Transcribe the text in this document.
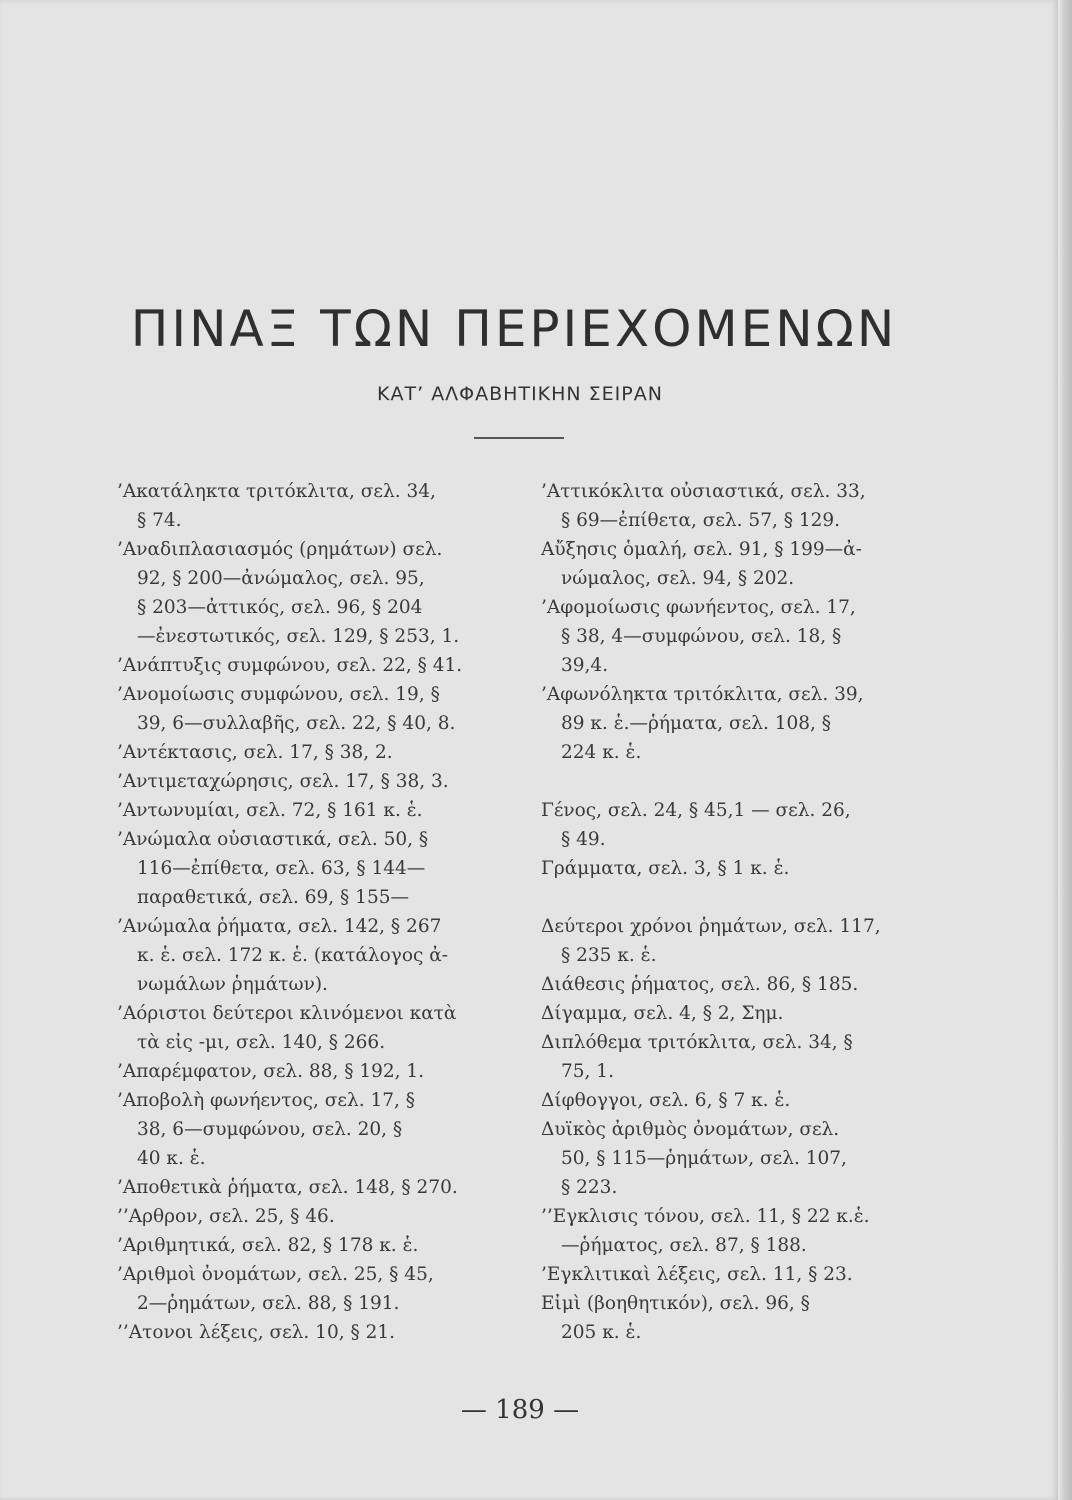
ΠΙΝΑΞ ΤΩΝ ΠΕΡΙΕΧΟΜΕΝΩΝ
ΚΑΤ’ ΑΛΦΑΒΗΤΙΚΗΝ ΣΕΙΡΑΝ
’Ακατάληκτα τριτόκλιτα, σελ. 34,
§ 74.
’Αναδιπλασιασμός (ρημάτων) σελ.
92, § 200—ἀνώμαλος, σελ. 95,
§ 203—ἀττικός, σελ. 96, § 204
—ἐνεστωτικός, σελ. 129, § 253, 1.
’Ανάπτυξις συμφώνου, σελ. 22, § 41.
’Ανομοίωσις συμφώνου, σελ. 19, §
39, 6—συλλαβῆς, σελ. 22, § 40, 8.
’Αντέκτασις, σελ. 17, § 38, 2.
’Αντιμεταχώρησις, σελ. 17, § 38, 3.
’Αντωνυμίαι, σελ. 72, § 161 κ. ἑ.
’Ανώμαλα οὐσιαστικά, σελ. 50, §
116—ἐπίθετα, σελ. 63, § 144—
παραθετικά, σελ. 69, § 155—
’Ανώμαλα ῥήματα, σελ. 142, § 267
κ. ἑ. σελ. 172 κ. ἑ. (κατάλογος ἀ-
νωμάλων ῥημάτων).
’Αόριστοι δεύτεροι κλινόμενοι κατὰ
τὰ εἰς -μι, σελ. 140, § 266.
’Απαρέμφατον, σελ. 88, § 192, 1.
’Αποβολὴ φωνήεντος, σελ. 17, §
38, 6—συμφώνου, σελ. 20, §
40 κ. ἑ.
’Αποθετικὰ ῥήματα, σελ. 148, § 270.
’’Αρθρον, σελ. 25, § 46.
’Αριθμητικά, σελ. 82, § 178 κ. ἑ.
’Αριθμοὶ ὀνομάτων, σελ. 25, § 45,
2—ῥημάτων, σελ. 88, § 191.
’’Ατονοι λέξεις, σελ. 10, § 21.
’Αττικόκλιτα οὐσιαστικά, σελ. 33,
§ 69—ἐπίθετα, σελ. 57, § 129.
Αὔξησις ὁμαλή, σελ. 91, § 199—ἀ-
νώμαλος, σελ. 94, § 202.
’Αφομοίωσις φωνήεντος, σελ. 17,
§ 38, 4—συμφώνου, σελ. 18, §
39,4.
’Αφωνόληκτα τριτόκλιτα, σελ. 39,
89 κ. ἑ.—ῥήματα, σελ. 108, §
224 κ. ἑ.
Γένος, σελ. 24, § 45,1 — σελ. 26,
§ 49.
Γράμματα, σελ. 3, § 1 κ. ἑ.
Δεύτεροι χρόνοι ῥημάτων, σελ. 117,
§ 235 κ. ἑ.
Διάθεσις ῥήματος, σελ. 86, § 185.
Δίγαμμα, σελ. 4, § 2, Σημ.
Διπλόθεμα τριτόκλιτα, σελ. 34, §
75, 1.
Δίφθογγοι, σελ. 6, § 7 κ. ἑ.
Δυϊκὸς ἀριθμὸς ὀνομάτων, σελ.
50, § 115—ῥημάτων, σελ. 107,
§ 223.
’’Εγκλισις τόνου, σελ. 11, § 22 κ.ἑ.
—ῥήματος, σελ. 87, § 188.
’Εγκλιτικαὶ λέξεις, σελ. 11, § 23.
Εἰμὶ (βοηθητικόν), σελ. 96, §
205 κ. ἑ.
— 189 —
